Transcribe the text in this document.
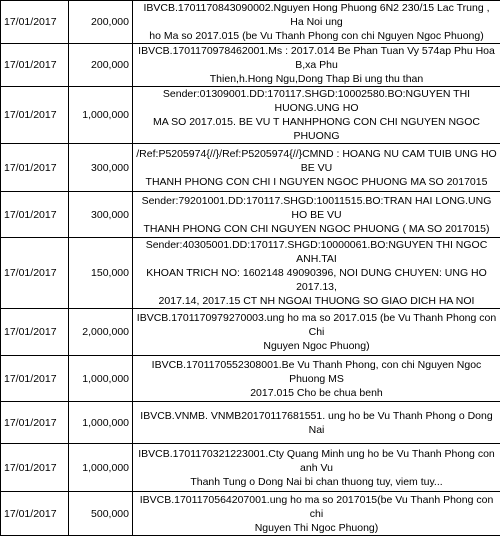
17/01/2017	200,000	IBVCB.1701170843090002.Nguyen Hong Phuong 6N2 230/15 Lac Trung , Ha Noi ung
ho Ma so 2017.015 (be Vu Thanh Phong con chi Nguyen Ngoc Phuong)

17/01/2017	200,000	IBVCB.1701170978462001.Ms : 2017.014 Be Phan Tuan Vy 574ap Phu Hoa B,xa Phu
Thien,h.Hong Ngu,Dong Thap Bi ung thu than

17/01/2017	1,000,000	Sender:01309001.DD:170117.SHGD:10002580.BO:NGUYEN THI HUONG.UNG HO
MA SO 2017.015. BE VU T HANHPHONG CON CHI NGUYEN NGOC PHUONG

17/01/2017	300,000	/Ref:P5205974{//}/Ref:P5205974{//}CMND : HOANG NU CAM TUIB UNG HO BE VU
THANH PHONG CON CHI I NGUYEN NGOC PHUONG MA SO 2017015

17/01/2017	300,000	Sender:79201001.DD:170117.SHGD:10011515.BO:TRAN HAI LONG.UNG HO BE VU
THANH PHONG CON CHI NGUYEN NGOC PHUONG ( MA SO 2017015)

17/01/2017	150,000	Sender:40305001.DD:170117.SHGD:10000061.BO:NGUYEN THI NGOC ANH.TAI
KHOAN TRICH NO: 1602148 49090396, NOI DUNG CHUYEN: UNG HO 2017.13,
2017.14, 2017.15 CT NH NGOAI THUONG SO GIAO DICH HA NOI

17/01/2017	2,000,000	IBVCB.1701170979270003.ung ho ma so 2017.015 (be Vu Thanh Phong con Chi
Nguyen Ngoc Phuong)

17/01/2017	1,000,000	IBVCB.1701170552308001.Be Vu Thanh Phong, con chi Nguyen Ngoc Phuong MS
2017.015 Cho be chua benh

17/01/2017	1,000,000	IBVCB.VNMB. VNMB20170117681551. ung ho be Vu Thanh Phong o Dong Nai

17/01/2017	1,000,000	IBVCB.1701170321223001.Cty Quang Minh ung ho be Vu Thanh Phong con anh Vu
Thanh Tung o Dong Nai bi chan thuong tuy, viem tuy...

17/01/2017	500,000	IBVCB.1701170564207001.ung ho ma so 2017015(be Vu Thanh Phong con chi
Nguyen Thi Ngoc Phuong)
